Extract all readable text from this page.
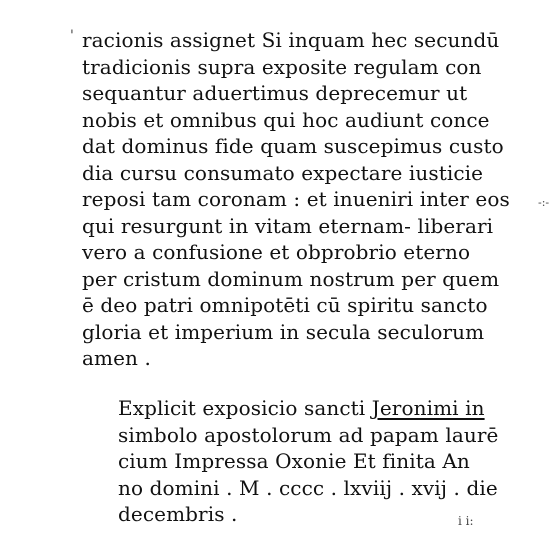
'
-:-
racionis assignet Si inquam hec secundū
tradicionis supra exposite regulam con
sequantur aduertimus deprecemur ut
nobis et omnibus qui hoc audiunt conce
dat dominus fide quam suscepimus custo
dia cursu consumato expectare iusticie
reposi tam coronam : et inueniri inter eos
qui resurgunt in vitam eternam- liberari
vero a confusione et obprobrio eterno
per cristum dominum nostrum per quem
ē deo patri omnipotēti cū spiritu sancto
gloria et imperium in secula seculorum
amen .
Explicit exposicio sancti Jeronimi in
simbolo apostolorum ad papam laurē
cium Impressa Oxonie Et finita An
no domini . M . cccc . lxviij . xvij . die
decembris .	i i:
